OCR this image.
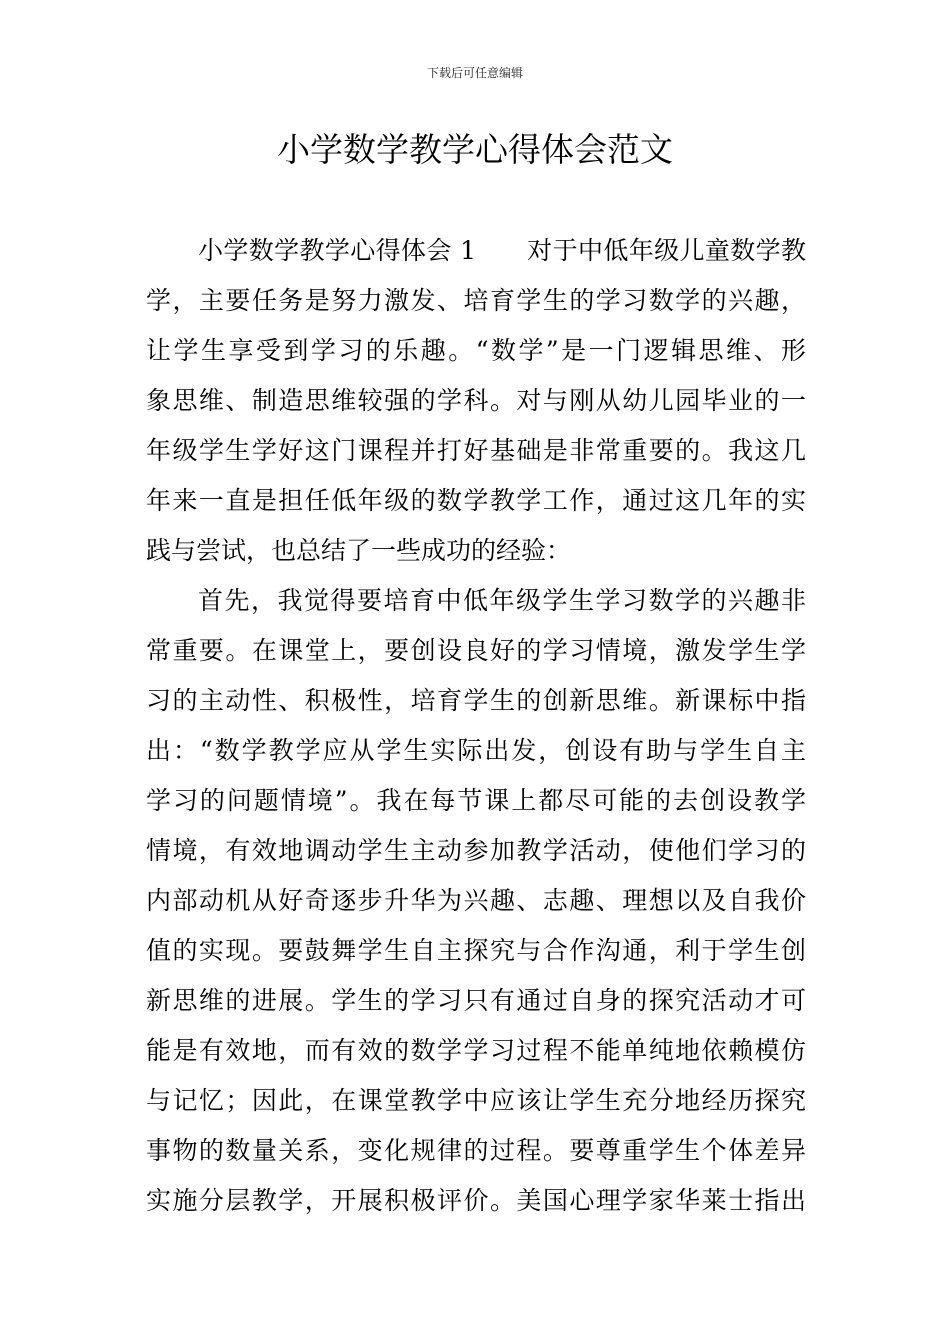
下载后可任意编辑
小学数学教学心得体会范文
小学数学教学心得体会 1　　对于中低年级儿童数学教
学，主要任务是努力激发、培育学生的学习数学的兴趣，
让学生享受到学习的乐趣。“数学”是一门逻辑思维、形
象思维、制造思维较强的学科。对与刚从幼儿园毕业的一
年级学生学好这门课程并打好基础是非常重要的。我这几
年来一直是担任低年级的数学教学工作，通过这几年的实
践与尝试，也总结了一些成功的经验：
首先，我觉得要培育中低年级学生学习数学的兴趣非
常重要。在课堂上，要创设良好的学习情境，激发学生学
习的主动性、积极性，培育学生的创新思维。新课标中指
出：“数学教学应从学生实际出发，创设有助与学生自主
学习的问题情境”。我在每节课上都尽可能的去创设教学
情境，有效地调动学生主动参加教学活动，使他们学习的
内部动机从好奇逐步升华为兴趣、志趣、理想以及自我价
值的实现。要鼓舞学生自主探究与合作沟通，利于学生创
新思维的进展。学生的学习只有通过自身的探究活动才可
能是有效地，而有效的数学学习过程不能单纯地依赖模仿
与记忆；因此，在课堂教学中应该让学生充分地经历探究
事物的数量关系，变化规律的过程。要尊重学生个体差异
实施分层教学，开展积极评价。美国心理学家华莱士指出
